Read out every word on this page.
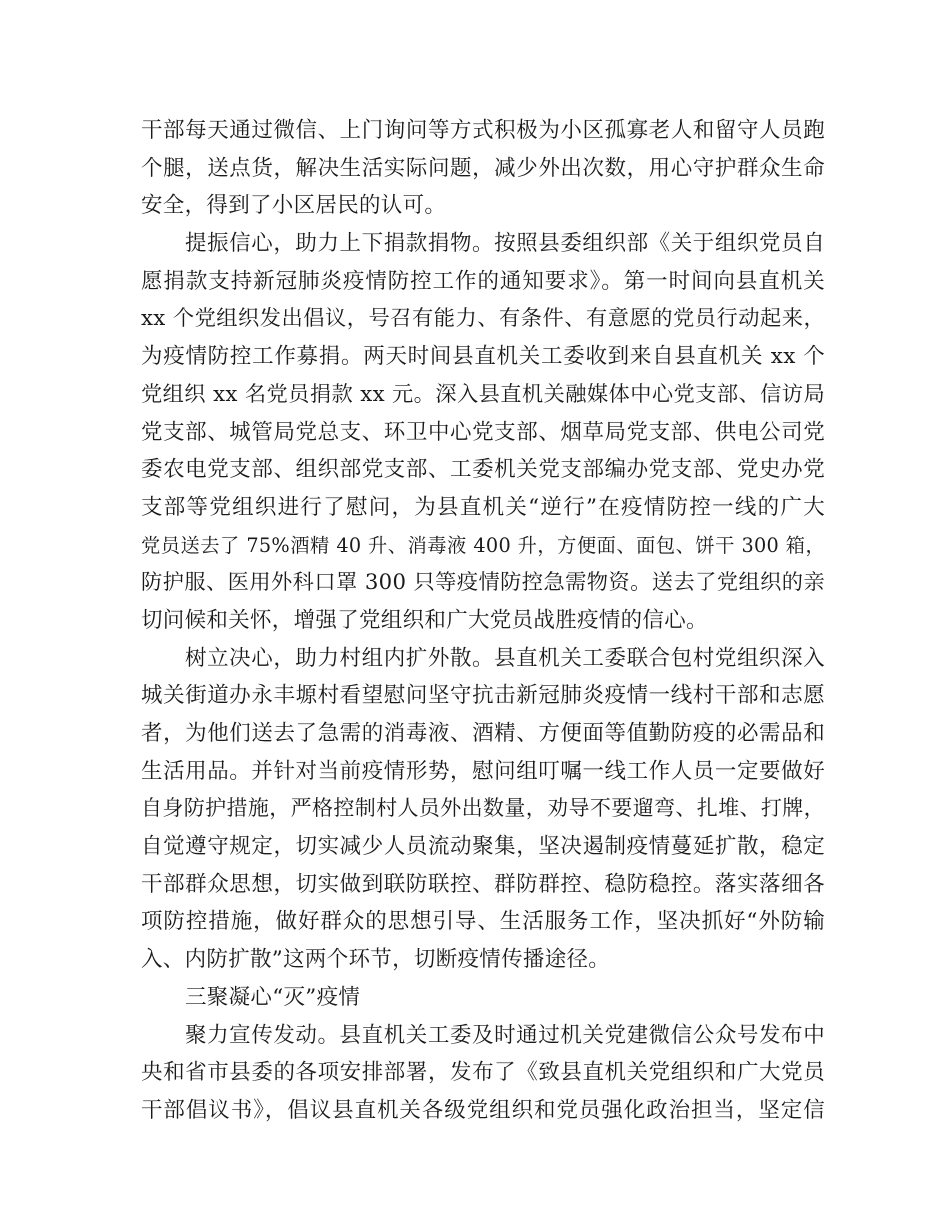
干部每天通过微信、上门询问等方式积极为小区孤寡老人和留守人员跑
个腿，送点货，解决生活实际问题，减少外出次数，用心守护群众生命
安全，得到了小区居民的认可。
提振信心，助力上下捐款捐物。按照县委组织部《关于组织党员自
愿捐款支持新冠肺炎疫情防控工作的通知要求》。第一时间向县直机关
xx 个党组织发出倡议，号召有能力、有条件、有意愿的党员行动起来，
为疫情防控工作募捐。两天时间县直机关工委收到来自县直机关 xx 个
党组织 xx 名党员捐款 xx 元。深入县直机关融媒体中心党支部、信访局
党支部、城管局党总支、环卫中心党支部、烟草局党支部、供电公司党
委农电党支部、组织部党支部、工委机关党支部编办党支部、党史办党
支部等党组织进行了慰问，为县直机关“逆行”在疫情防控一线的广大
党员送去了 75%酒精 40 升、消毒液 400 升，方便面、面包、饼干 300 箱，
防护服、医用外科口罩 300 只等疫情防控急需物资。送去了党组织的亲
切问候和关怀，增强了党组织和广大党员战胜疫情的信心。
树立决心，助力村组内扩外散。县直机关工委联合包村党组织深入
城关街道办永丰塬村看望慰问坚守抗击新冠肺炎疫情一线村干部和志愿
者，为他们送去了急需的消毒液、酒精、方便面等值勤防疫的必需品和
生活用品。并针对当前疫情形势，慰问组叮嘱一线工作人员一定要做好
自身防护措施，严格控制村人员外出数量，劝导不要遛弯、扎堆、打牌，
自觉遵守规定，切实减少人员流动聚集，坚决遏制疫情蔓延扩散，稳定
干部群众思想，切实做到联防联控、群防群控、稳防稳控。落实落细各
项防控措施，做好群众的思想引导、生活服务工作，坚决抓好“外防输
入、内防扩散”这两个环节，切断疫情传播途径。
三聚凝心“灭”疫情
聚力宣传发动。县直机关工委及时通过机关党建微信公众号发布中
央和省市县委的各项安排部署，发布了《致县直机关党组织和广大党员
干部倡议书》，倡议县直机关各级党组织和党员强化政治担当，坚定信
